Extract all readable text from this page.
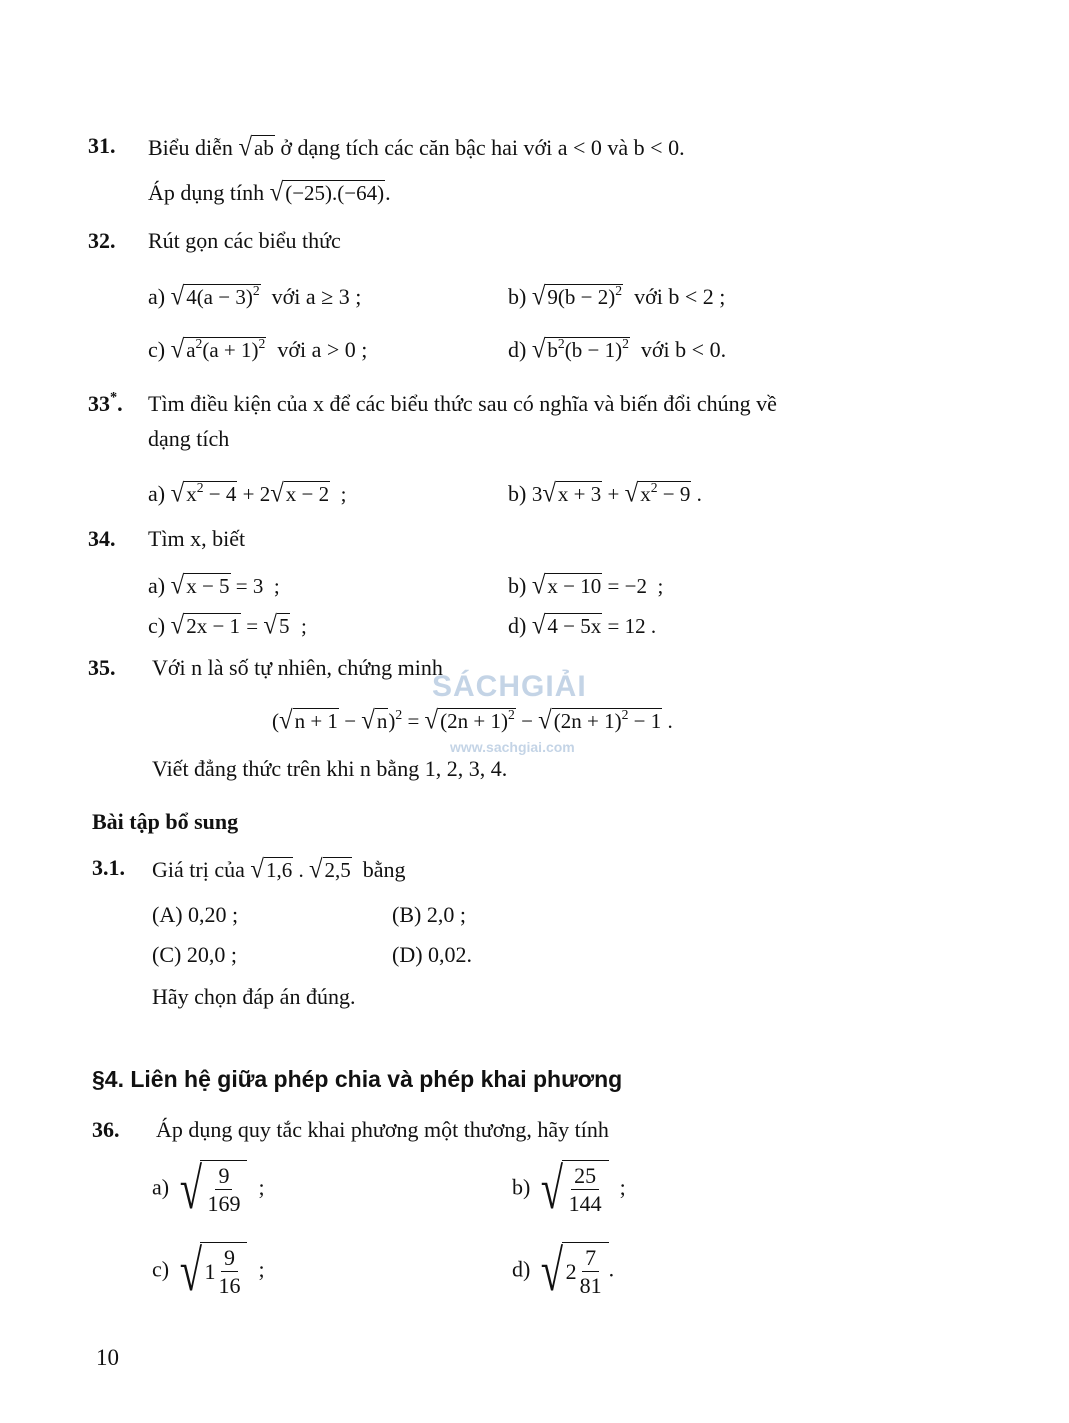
31. Biểu diễn √ab ở dạng tích các căn bậc hai với a < 0 và b < 0.
Áp dụng tính √(−25).(−64).
32. Rút gọn các biểu thức
a) $√4(a - 3)^2$ với a ≥ 3 ;	b) $√9(b - 2)^2$ với b < 2 ;
c) $√a^2(a + 1)^2$ với a > 0 ;	d) $√b^2(b - 1)^2$ với b < 0.
33*. Tìm điều kiện của x để các biểu thức sau có nghĩa và biến đổi chúng về
dạng tích
a) $√x^2 - 4 + 2√x - 2$  ;	b) $3√x + 3 + √x^2 - 9$ .
34. Tìm x, biết
a) √x − 5 = 3  ;	b) √x − 10 = −2  ;
c) √2x − 1 = √5  ;	d) √4 − 5x = 12 .
35. Với n là số tự nhiên, chứng minh
$(√n + 1 - √n)^2 = √(2n + 1)^2 - √(2n + 1)^2 - 1$ .
Viết đẳng thức trên khi n bằng 1, 2, 3, 4.
SÁCHGIẢI
www.sachgiai.com
Bài tập bổ sung
3.1. Giá trị của √1,6 . √2,5 bằng
(A) 0,20 ;	(B) 2,0 ;
(C) 20,0 ;	(D) 0,02.
Hãy chọn đáp án đúng.
§4. Liên hệ giữa phép chia và phép khai phương
36. Áp dụng quy tắc khai phương một thương, hãy tính
a) √ $\frac{9}{169}$ ;	b) √ $\frac{25}{144}$ ;
c) √ $1 \frac{9}{16}$ ;	d) √ $2 \frac{7}{81}$ .
10
